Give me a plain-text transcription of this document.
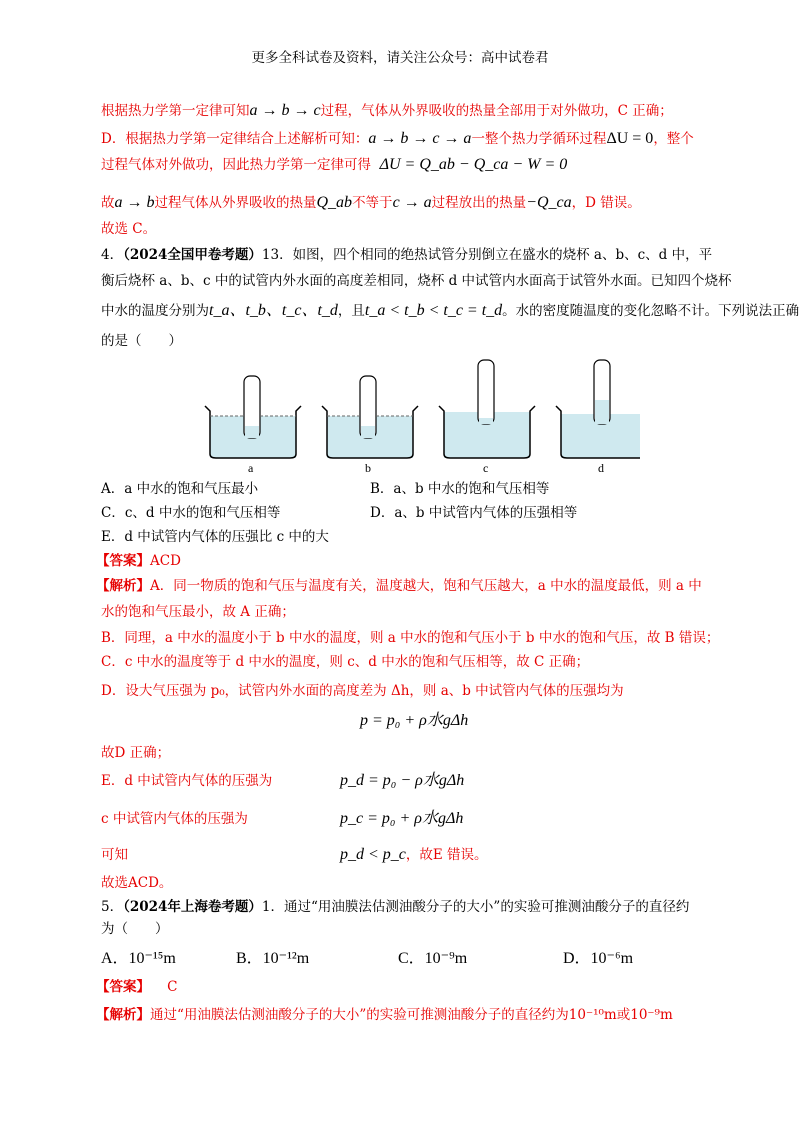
更多全科试卷及资料，请关注公众号：高中试卷君
根据热力学第一定律可知a → b → c过程，气体从外界吸收的热量全部用于对外做功，C 正确；
D．根据热力学第一定律结合上述解析可知：a → b → c → a一整个热力学循环过程ΔU = 0，整个
过程气体对外做功，因此热力学第一定律可得 ΔU = Q_ab − Q_ca − W = 0
故a → b过程气体从外界吸收的热量Q_ab不等于c → a过程放出的热量−Q_ca，D 错误。
故选 C。
4．（2024全国甲卷考题）13．如图，四个相同的绝热试管分别倒立在盛水的烧杯 a、b、c、d 中，平
衡后烧杯 a、b、c 中的试管内外水面的高度差相同，烧杯 d 中试管内水面高于试管外水面。已知四个烧杯
中水的温度分别为t_a、t_b、t_c、t_d，且t_a < t_b < t_c = t_d。水的密度随温度的变化忽略不计。下列说法正确
的是（　　）
a	b	c	d
A．a 中水的饱和气压最小	B．a、b 中水的饱和气压相等
C．c、d 中水的饱和气压相等	D．a、b 中试管内气体的压强相等
E．d 中试管内气体的压强比 c 中的大
【答案】ACD
【解析】A．同一物质的饱和气压与温度有关，温度越大，饱和气压越大，a 中水的温度最低，则 a 中
水的饱和气压最小，故 A 正确；
B．同理，a 中水的温度小于 b 中水的温度，则 a 中水的饱和气压小于 b 中水的饱和气压，故 B 错误；
C．c 中水的温度等于 d 中水的温度，则 c、d 中水的饱和气压相等，故 C 正确；
D．设大气压强为 p₀，试管内外水面的高度差为 Δh，则 a、b 中试管内气体的压强均为
p = p₀ + ρ水gΔh
故D 正确；
E．d 中试管内气体的压强为	p_d = p₀ − ρ水gΔh
c 中试管内气体的压强为	p_c = p₀ + ρ水gΔh
可知	p_d < p_c，故E 错误。
故选ACD。
5．（2024年上海卷考题）1．通过“用油膜法估测油酸分子的大小”的实验可推测油酸分子的直径约
为（　　）
A．10⁻¹⁵m	B．10⁻¹²m	C．10⁻⁹m	D．10⁻⁶m
【答案】 C
【解析】通过“用油膜法估测油酸分子的大小”的实验可推测油酸分子的直径约为10⁻¹⁰m或10⁻⁹m
